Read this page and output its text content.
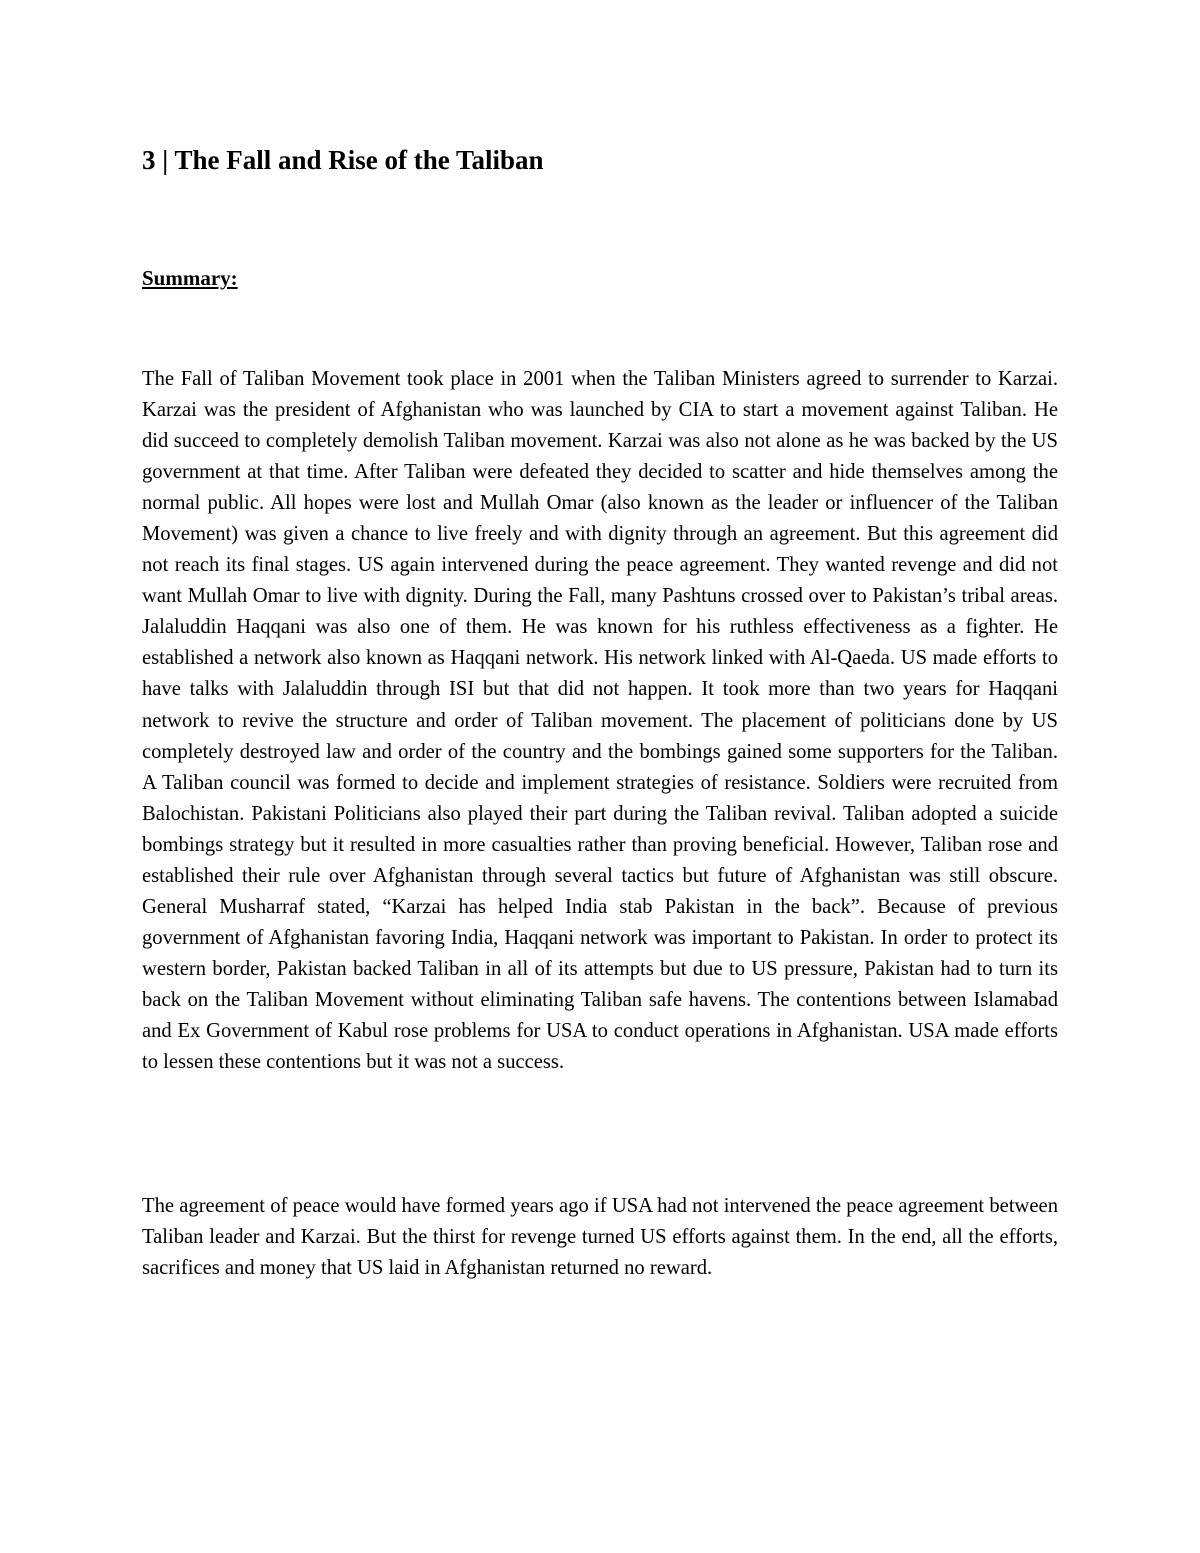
3 | The Fall and Rise of the Taliban
Summary:

The Fall of Taliban Movement took place in 2001 when the Taliban Ministers agreed to surrender to Karzai. Karzai was the president of Afghanistan who was launched by CIA to start a movement against Taliban. He did succeed to completely demolish Taliban movement. Karzai was also not alone as he was backed by the US government at that time. After Taliban were defeated they decided to scatter and hide themselves among the normal public. All hopes were lost and Mullah Omar (also known as the leader or influencer of the Taliban Movement) was given a chance to live freely and with dignity through an agreement. But this agreement did not reach its final stages. US again intervened during the peace agreement. They wanted revenge and did not want Mullah Omar to live with dignity. During the Fall, many Pashtuns crossed over to Pakistan’s tribal areas. Jalaluddin Haqqani was also one of them. He was known for his ruthless effectiveness as a fighter. He established a network also known as Haqqani network. His network linked with Al-Qaeda. US made efforts to have talks with Jalaluddin through ISI but that did not happen. It took more than two years for Haqqani network to revive the structure and order of Taliban movement. The placement of politicians done by US completely destroyed law and order of the country and the bombings gained some supporters for the Taliban. A Taliban council was formed to decide and implement strategies of resistance. Soldiers were recruited from Balochistan. Pakistani Politicians also played their part during the Taliban revival. Taliban adopted a suicide bombings strategy but it resulted in more casualties rather than proving beneficial. However, Taliban rose and established their rule over Afghanistan through several tactics but future of Afghanistan was still obscure. General Musharraf stated, “Karzai has helped India stab Pakistan in the back”. Because of previous government of Afghanistan favoring India, Haqqani network was important to Pakistan. In order to protect its western border, Pakistan backed Taliban in all of its attempts but due to US pressure, Pakistan had to turn its back on the Taliban Movement without eliminating Taliban safe havens. The contentions between Islamabad and Ex Government of Kabul rose problems for USA to conduct operations in Afghanistan. USA made efforts to lessen these contentions but it was not a success.

The agreement of peace would have formed years ago if USA had not intervened the peace agreement between Taliban leader and Karzai. But the thirst for revenge turned US efforts against them. In the end, all the efforts, sacrifices and money that US laid in Afghanistan returned no reward.
